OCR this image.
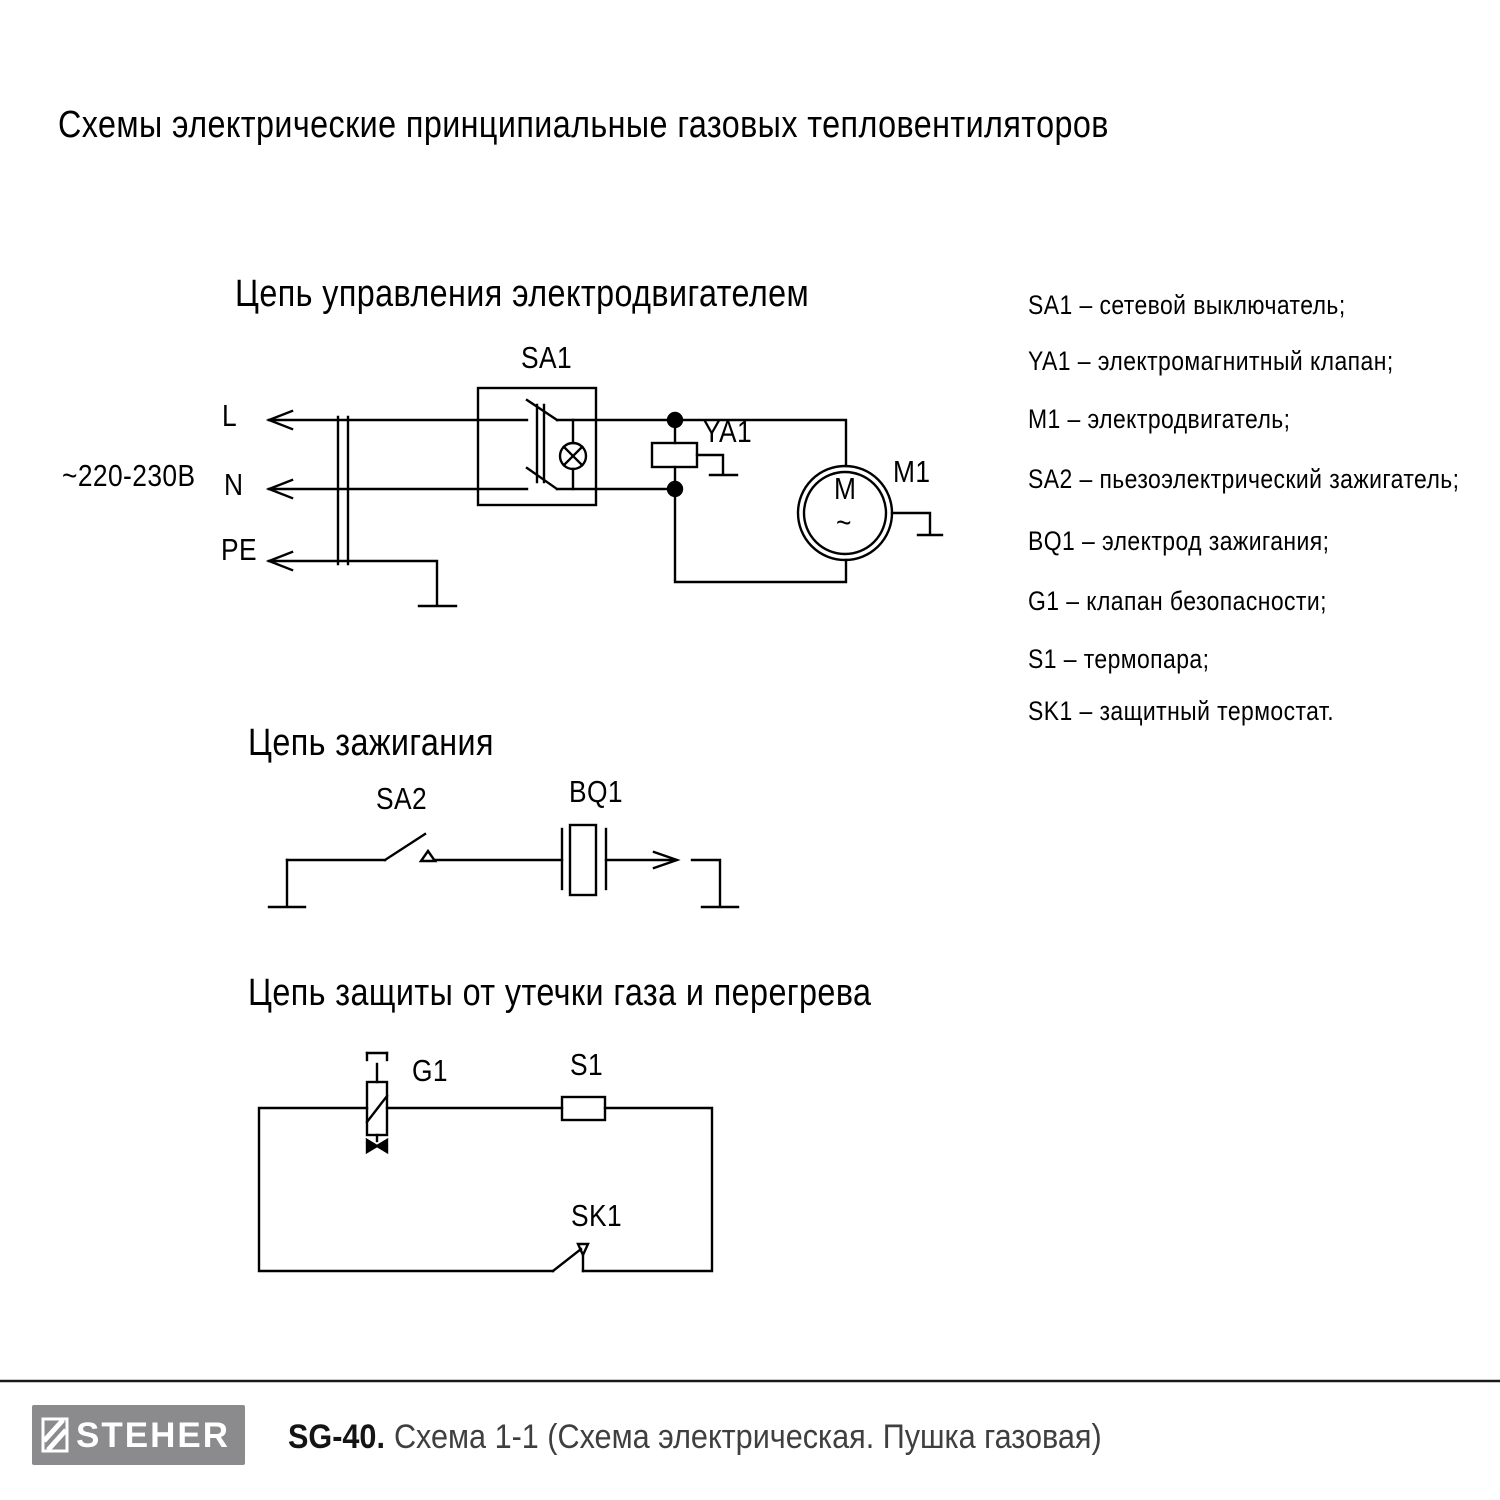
Схемы электрические принципиальные газовых тепловентиляторов
Цепь управления электродвигателем
~220-230В
L
N
PE
SA1
YA1
M1
M
~
SA1 – сетевой выключатель;
YA1 – электромагнитный клапан;
M1 – электродвигатель;
SA2 – пьезоэлектрический зажигатель;
BQ1 – электрод зажигания;
G1 – клапан безопасности;
S1 – термопара;
SK1 – защитный термостат.
Цепь зажигания
SA2	BQ1
Цепь защиты от утечки газа и перегрева
G1	S1
SK1
STEHER SG-40. Схема 1-1 (Схема электрическая. Пушка газовая)
